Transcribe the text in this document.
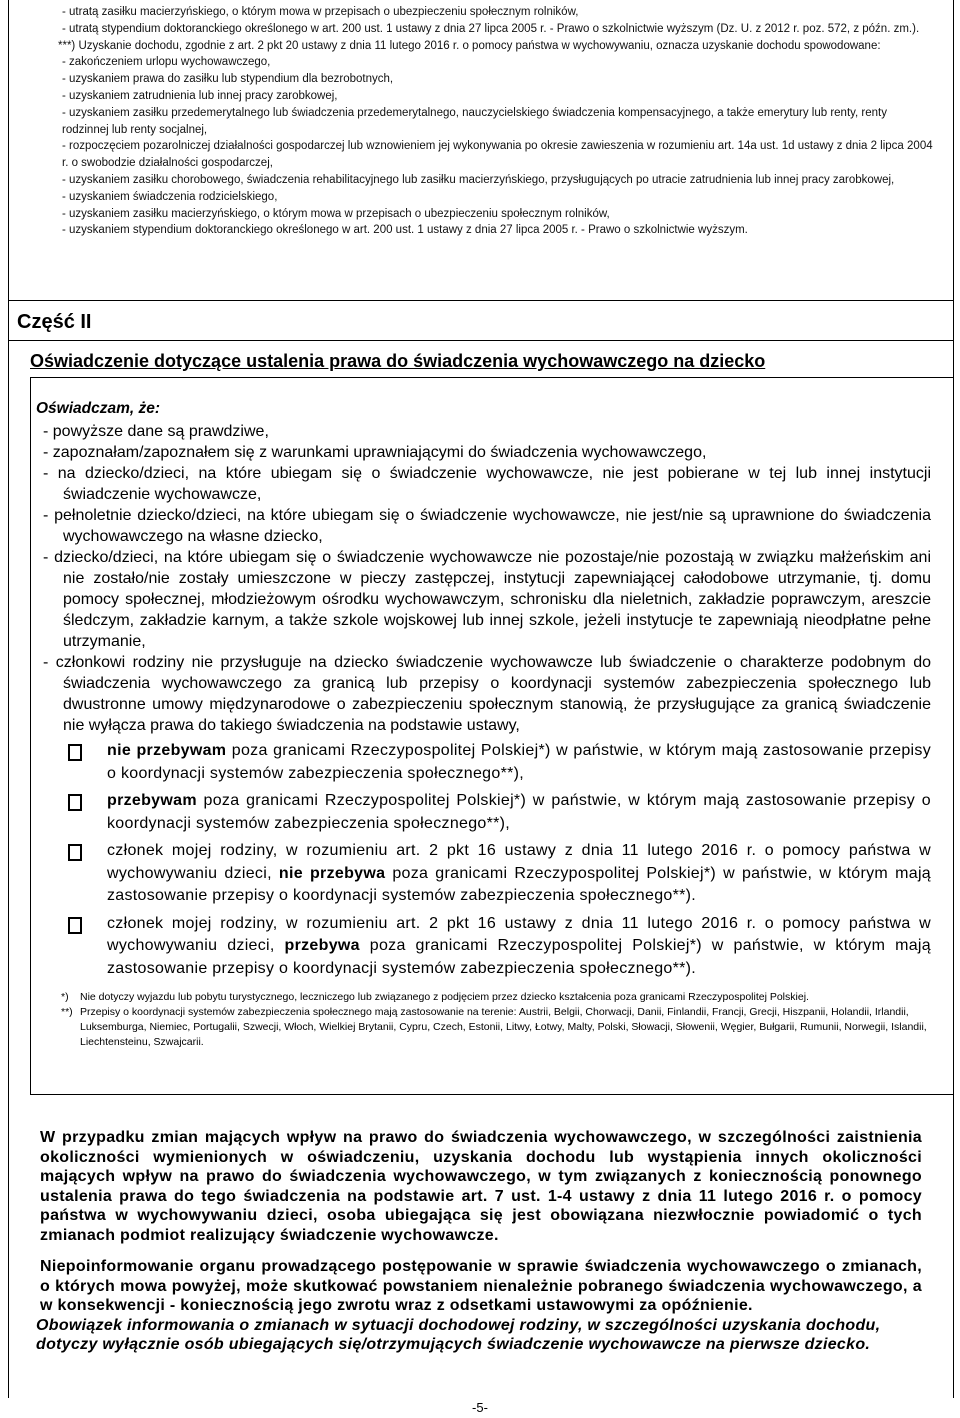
- utratą zasiłku macierzyńskiego, o którym mowa w przepisach o ubezpieczeniu społecznym rolników,

- utratą stypendium doktoranckiego określonego w art. 200 ust. 1 ustawy z dnia 27 lipca 2005 r. - Prawo o szkolnictwie wyższym (Dz. U. z 2012 r. poz. 572, z późn. zm.).

***) Uzyskanie dochodu, zgodnie z art. 2 pkt 20 ustawy z dnia 11 lutego 2016 r. o pomocy państwa w wychowywaniu, oznacza uzyskanie dochodu spowodowane:

- zakończeniem urlopu wychowawczego,

- uzyskaniem prawa do zasiłku lub stypendium dla bezrobotnych,

- uzyskaniem zatrudnienia lub innej pracy zarobkowej,

- uzyskaniem zasiłku przedemerytalnego lub świadczenia przedemerytalnego, nauczycielskiego świadczenia kompensacyjnego, a także emerytury lub renty, renty rodzinnej lub renty socjalnej,

- rozpoczęciem pozarolniczej działalności gospodarczej lub wznowieniem jej wykonywania po okresie zawieszenia w rozumieniu art. 14a ust. 1d ustawy z dnia 2 lipca 2004 r. o swobodzie działalności gospodarczej,

- uzyskaniem zasiłku chorobowego, świadczenia rehabilitacyjnego lub zasiłku macierzyńskiego, przysługujących po utracie zatrudnienia lub innej pracy zarobkowej,

- uzyskaniem świadczenia rodzicielskiego,

- uzyskaniem zasiłku macierzyńskiego, o którym mowa w przepisach o ubezpieczeniu społecznym rolników,

- uzyskaniem stypendium doktoranckiego określonego w art. 200 ust. 1 ustawy z dnia 27 lipca 2005 r. - Prawo o szkolnictwie wyższym.

Część II
Oświadczenie dotyczące ustalenia prawa do świadczenia wychowawczego na dziecko

Oświadczam, że:

- powyższe dane są prawdziwe,

- zapoznałam/zapoznałem się z warunkami uprawniającymi do świadczenia wychowawczego,

- na dziecko/dzieci, na które ubiegam się o świadczenie wychowawcze, nie jest pobierane w tej lub innej instytucji świadczenie wychowawcze,

- pełnoletnie dziecko/dzieci, na które ubiegam się o świadczenie wychowawcze, nie jest/nie są uprawnione do świadczenia wychowawczego na własne dziecko,

- dziecko/dzieci, na które ubiegam się o świadczenie wychowawcze nie pozostaje/nie pozostają w związku małżeńskim ani nie zostało/nie zostały umieszczone w pieczy zastępczej, instytucji zapewniającej całodobowe utrzymanie, tj. domu pomocy społecznej, młodzieżowym ośrodku wychowawczym, schronisku dla nieletnich, zakładzie poprawczym, areszcie śledczym, zakładzie karnym, a także szkole wojskowej lub innej szkole, jeżeli instytucje te zapewniają nieodpłatne pełne utrzymanie,

- członkowi rodziny nie przysługuje na dziecko świadczenie wychowawcze lub świadczenie o charakterze podobnym do świadczenia wychowawczego za granicą lub przepisy o koordynacji systemów zabezpieczenia społecznego lub dwustronne umowy międzynarodowe o zabezpieczeniu społecznym stanowią, że przysługujące za granicą świadczenie nie wyłącza prawa do takiego świadczenia na podstawie ustawy,

nie przebywam poza granicami Rzeczypospolitej Polskiej*) w państwie, w którym mają zastosowanie przepisy o koordynacji systemów zabezpieczenia społecznego**),

przebywam poza granicami Rzeczypospolitej Polskiej*) w państwie, w którym mają zastosowanie przepisy o koordynacji systemów zabezpieczenia społecznego**),

członek mojej rodziny, w rozumieniu art. 2 pkt 16 ustawy z dnia 11 lutego 2016 r. o pomocy państwa w wychowywaniu dzieci, nie przebywa poza granicami Rzeczypospolitej Polskiej*) w państwie, w którym mają zastosowanie przepisy o koordynacji systemów zabezpieczenia społecznego**).

członek mojej rodziny, w rozumieniu art. 2 pkt 16 ustawy z dnia 11 lutego 2016 r. o pomocy państwa w wychowywaniu dzieci, przebywa poza granicami Rzeczypospolitej Polskiej*) w państwie, w którym mają zastosowanie przepisy o koordynacji systemów zabezpieczenia społecznego**).

*) Nie dotyczy wyjazdu lub pobytu turystycznego, leczniczego lub związanego z podjęciem przez dziecko kształcenia poza granicami Rzeczypospolitej Polskiej.

**) Przepisy o koordynacji systemów zabezpieczenia społecznego mają zastosowanie na terenie: Austrii, Belgii, Chorwacji, Danii, Finlandii, Francji, Grecji, Hiszpanii, Holandii, Irlandii, Luksemburga, Niemiec, Portugalii, Szwecji, Włoch, Wielkiej Brytanii, Cypru, Czech, Estonii, Litwy, Łotwy, Malty, Polski, Słowacji, Słowenii, Węgier, Bułgarii, Rumunii, Norwegii, Islandii, Liechtensteinu, Szwajcarii.

W przypadku zmian mających wpływ na prawo do świadczenia wychowawczego, w szczególności zaistnienia okoliczności wymienionych w oświadczeniu, uzyskania dochodu lub wystąpienia innych okoliczności mających wpływ na prawo do świadczenia wychowawczego, w tym związanych z koniecznością ponownego ustalenia prawa do tego świadczenia na podstawie art. 7 ust. 1-4 ustawy z dnia 11 lutego 2016 r. o pomocy państwa w wychowywaniu dzieci, osoba ubiegająca się jest obowiązana niezwłocznie powiadomić o tych zmianach podmiot realizujący świadczenie wychowawcze.

Niepoinformowanie organu prowadzącego postępowanie w sprawie świadczenia wychowawczego o zmianach, o których mowa powyżej, może skutkować powstaniem nienależnie pobranego świadczenia wychowawczego, a w konsekwencji - koniecznością jego zwrotu wraz z odsetkami ustawowymi za opóźnienie.

Obowiązek informowania o zmianach w sytuacji dochodowej rodziny, w szczególności uzyskania dochodu, dotyczy wyłącznie osób ubiegających się/otrzymujących świadczenie wychowawcze na pierwsze dziecko.

-5-
